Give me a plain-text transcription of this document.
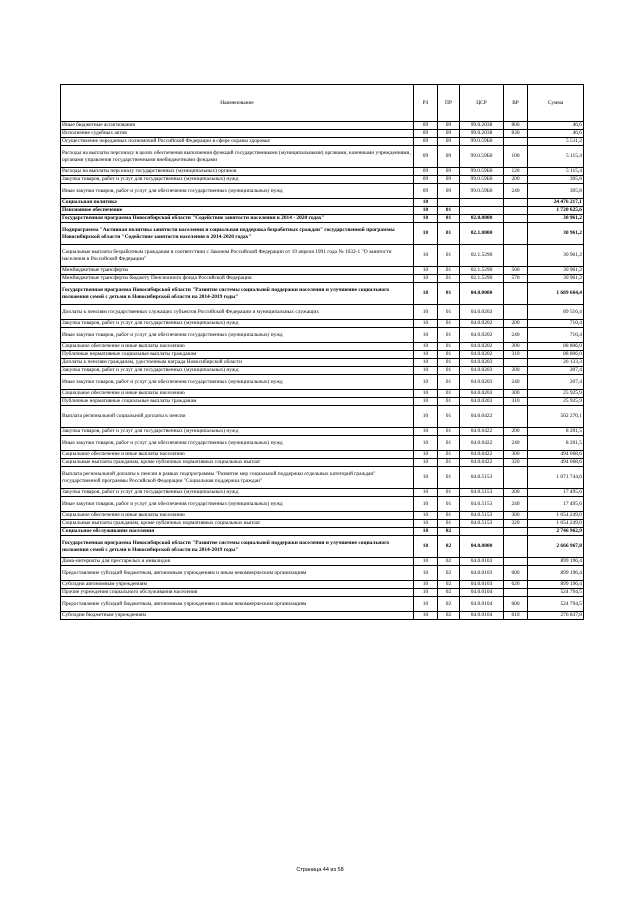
Наименование	РЗ	ПР	ЦСР	ВР	Сумма
Иные бюджетные ассигнования	09	09	99.0.2038	800	46,6
Исполнение судебных актов	09	09	99.0.2038	830	46,6
Осуществление переданных полномочий Российской Федерации в сфере охраны здоровья	09	09	99.0.59Б0		5 511,2
Расходы на выплаты персоналу в целях обеспечения выполнения функций государственными (муниципальными) органами, казенными учреждениями, органами управления государственными внебюджетными фондами	09	09	99.0.59Б0	100	5 115,4
Расходы на выплаты персоналу государственных (муниципальных) органов	09	09	99.0.59Б0	120	5 115,4
Закупка товаров, работ и услуг для государственных (муниципальных) нужд	09	09	99.0.59Б0	200	395,8
Иные закупки товаров, работ и услуг для обеспечения государственных (муниципальных) нужд	09	09	99.0.59Б0	240	395,8
Социальная политика	10				24 476 217,1
Пенсионное обеспечение	10	01			1 720 625,6
Государственная программа Новосибирской области "Содействие занятости населения в 2014 - 2020 годах"	10	01	02.0.0000		30 961,2
Подпрограмма "Активная политика занятости населения и социальная поддержка безработных граждан" государственной программы Новосибирской области "Содействие занятости населения в 2014-2020 годах"	10	01	02.1.0000		30 961,2
Социальные выплаты безработным гражданам в соответствии с Законом Российской Федерации от 19 апреля 1991 года № 1032-1 "О занятости населения в Российской Федерации"	10	01	02.1.5290		30 961,2
Межбюджетные трансферты	10	01	02.1.5290	500	30 961,2
Межбюджетные трансферты бюджету Пенсионного фонда Российской Федерации	10	01	02.1.5290	570	30 961,2
Государственная программа Новосибирской области "Развитие системы социальной поддержки населения и улучшение социального положения семей с детьми в Новосибирской области на 2014-2019 годы"	10	01	04.0.0000		1 689 664,4
Доплаты к пенсиям государственных служащих субъектов Российской Федерации и муниципальных служащих	10	01	04.0.0202		89 516,4
Закупка товаров, работ и услуг для государственных (муниципальных) нужд	10	01	04.0.0202	200	710,4
Иные закупки товаров, работ и услуг для обеспечения государственных (муниципальных) нужд	10	01	04.0.0202	240	710,4
Социальное обеспечение и иные выплаты населению	10	01	04.0.0202	300	88 806,0
Публичные нормативные социальные выплаты гражданам	10	01	04.0.0202	310	88 806,0
Доплаты к пенсиям гражданам, удостоенным награда Новосибирской области	10	01	04.0.0203		26 133,3
Закупка товаров, работ и услуг для государственных (муниципальных) нужд	10	01	04.0.0203	200	207,4
Иные закупки товаров, работ и услуг для обеспечения государственных (муниципальных) нужд	10	01	04.0.0203	240	207,4
Социальное обеспечение и иные выплаты населению	10	01	04.0.0203	300	25 925,9
Публичные нормативные социальные выплаты гражданам	10	01	04.0.0203	310	25 925,9
Выплата региональной социальной доплаты к пенсии	10	01	04.0.0422		502 270,1
Закупка товаров, работ и услуг для государственных (муниципальных) нужд	10	01	04.0.0422	200	8 201,5
Иные закупки товаров, работ и услуг для обеспечения государственных (муниципальных) нужд	10	01	04.0.0422	240	8 201,5
Социальное обеспечение и иные выплаты населению	10	01	04.0.0422	300	494 068,6
Социальные выплаты гражданам, кроме публичных нормативных социальных выплат	10	01	04.0.0422	320	494 068,6
Выплата региональной доплаты к пенсии в рамках подпрограммы "Развитие мер социальной поддержки отдельных категорий граждан" государственной программы Российской Федерации "Социальная поддержка граждан"	10	01	04.0.5153		1 071 744,6
Закупка товаров, работ и услуг для государственных (муниципальных) нужд	10	01	04.0.5153	200	17 495,6
Иные закупки товаров, работ и услуг для обеспечения государственных (муниципальных) нужд	10	01	04.0.5153	240	17 495,6
Социальное обеспечение и иные выплаты населению	10	01	04.0.5153	300	1 054 249,0
Социальные выплаты гражданам, кроме публичных нормативных социальных выплат	10	01	04.0.5153	320	1 054 249,0
Социальное обслуживание населения	10	02			2 746 962,9
Государственная программа Новосибирской области "Развитие системы социальной поддержки населения и улучшение социального положения семей с детьми в Новосибирской области на 2014-2019 годы"	10	02	04.0.0000		2 666 967,8
Дома-интернаты для престарелых и инвалидов	10	02	04.0.0103		899 196,4
Предоставление субсидий бюджетным, автономным учреждениям и иным некоммерческим организациям	10	02	04.0.0103	600	899 196,4
Субсидии автономным учреждениям	10	02	04.0.0103	620	899 196,4
Прочие учреждения социального обслуживания населения	10	02	04.0.0104		524 794,5
Предоставление субсидий бюджетным, автономным учреждениям и иным некоммерческим организациям	10	02	04.0.0104	600	524 794,5
Субсидии бюджетным учреждениям	10	02	04.0.0104	610	276 837,8
Страница 44 из 58
